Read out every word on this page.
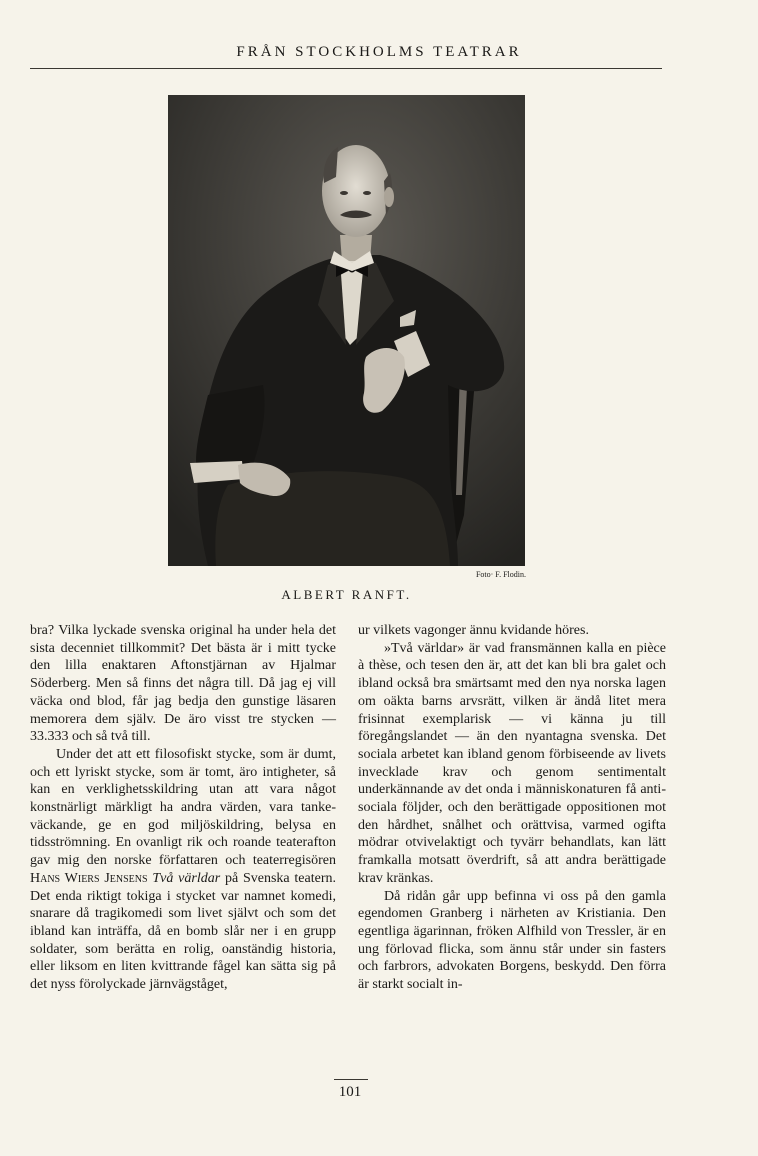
FRÅN STOCKHOLMS TEATRAR
Foto· F. Flodin.
ALBERT RANFT.

bra? Vilka lyckade svenska original ha under hela det sista decenniet tillkommit? Det bästa är i mitt tycke den lilla enaktaren Aftonstjärnan av Hjalmar Söderberg. Men så finns det några till. Då jag ej vill väcka ond blod, får jag bedja den gunstige läsaren memorera dem själv. De äro visst tre stycken — 33.333 och så två till.

Under det att ett filosofiskt stycke, som är dumt, och ett lyriskt stycke, som är tomt, äro intigheter, så kan en verklighetsskildring utan att vara något konstnärligt märkligt ha andra värden, vara tankeväckande, ge en god miljöskildring, belysa en tidsströmning. En ovanligt rik och roande teaterafton gav mig den norske författaren och teaterregisören Hans Wiers Jensens Två världar på Svenska teatern. Det enda riktigt tokiga i stycket var namnet komedi, snarare då tragikomedi som livet självt och som det ibland kan inträffa, då en bomb slår ner i en grupp soldater, som berätta en rolig, oanständig historia, eller liksom en liten kvittrande fågel kan sätta sig på det nyss förolyckade järnvägståget,

ur vilkets vagonger ännu kvidande höres.

»Två världar» är vad fransmännen kalla en pièce à thèse, och tesen den är, att det kan bli bra galet och ibland också bra smärtsamt med den nya norska lagen om oäkta barns arvsrätt, vilken är ändå litet mera frisinnat exemplarisk — vi känna ju till föregångslandet — än den nyantagna svenska. Det sociala arbetet kan ibland genom förbiseende av livets invecklade krav och genom sentimentalt underkännande av det onda i människonaturen få antisociala följder, och den berättigade oppositionen mot den hårdhet, snålhet och orättvisa, varmed ogifta mödrar otvivelaktigt och tyvärr behandlats, kan lätt framkalla motsatt överdrift, så att andra berättigade krav kränkas.

Då ridån går upp befinna vi oss på den gamla egendomen Granberg i närheten av Kristiania. Den egentliga ägarinnan, fröken Alfhild von Tressler, är en ung förlovad flicka, som ännu står under sin fasters och farbrors, advokaten Borgens, beskydd. Den förra är starkt socialt in-

101
